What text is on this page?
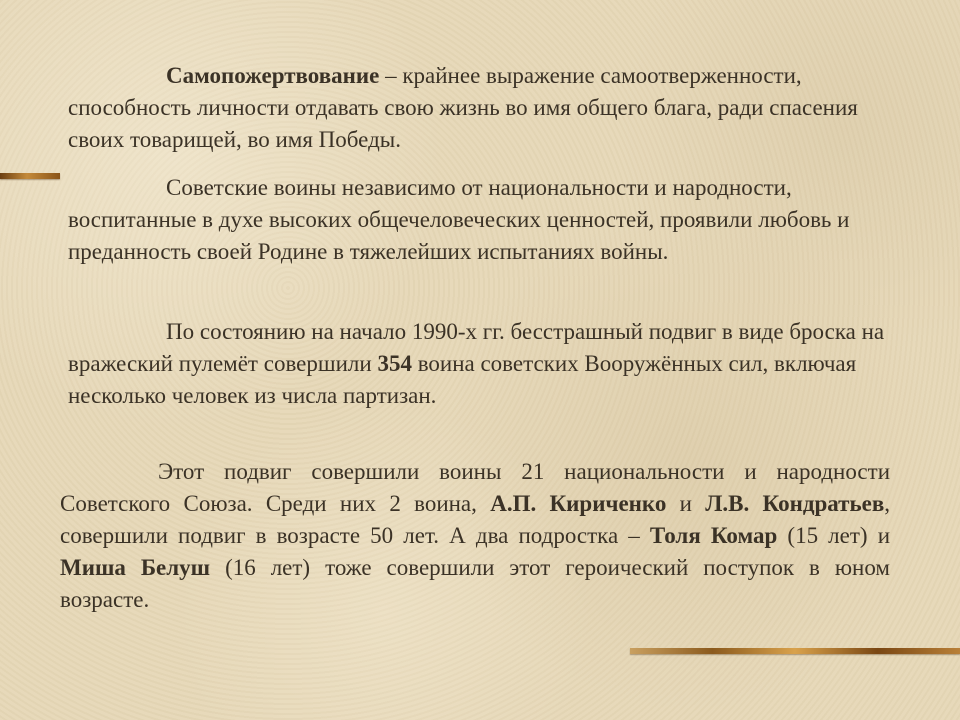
Самопожертвование – крайнее выражение самоотверженности, способность личности отдавать свою жизнь во имя общего блага, ради спасения своих товарищей, во имя Победы.

Советские воины независимо от национальности и народности, воспитанные в духе высоких общечеловеческих ценностей, проявили любовь и преданность своей Родине в тяжелейших испытаниях войны.

По состоянию на начало 1990-х гг. бесстрашный подвиг в виде броска на вражеский пулемёт совершили 354 воина советских Вооружённых сил, включая несколько человек из числа партизан.

Этот подвиг совершили воины 21 национальности и народности Советского Союза. Среди них 2 воина, А.П. Кириченко и Л.В. Кондратьев, совершили подвиг в возрасте 50 лет. А два подростка – Толя Комар (15 лет) и Миша Белуш (16 лет) тоже совершили этот героический поступок в юном возрасте.
